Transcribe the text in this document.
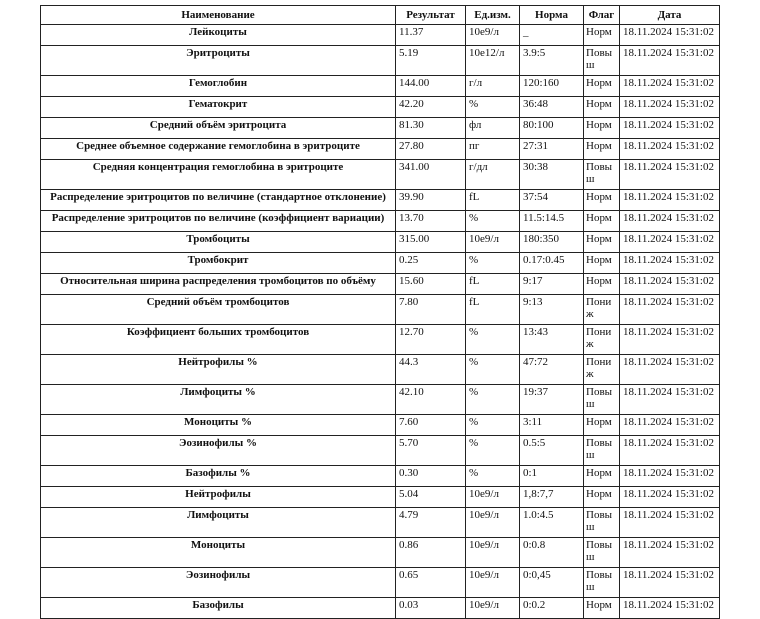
Наименование	Результат	Ед.изм.	Норма	Флаг	Дата
Лейкоциты	11.37	10e9/л	_	Норм	18.11.2024 15:31:02
Эритроциты	5.19	10e12/л	3.9:5	Повыш	18.11.2024 15:31:02
Гемоглобин	144.00	г/л	120:160	Норм	18.11.2024 15:31:02
Гематокрит	42.20	%	36:48	Норм	18.11.2024 15:31:02
Средний объём эритроцита	81.30	фл	80:100	Норм	18.11.2024 15:31:02
Среднее объемное содержание гемоглобина в эритроците	27.80	пг	27:31	Норм	18.11.2024 15:31:02
Средняя концентрация гемоглобина в эритроците	341.00	г/дл	30:38	Повыш	18.11.2024 15:31:02
Распределение эритроцитов по величине (стандартное отклонение)	39.90	fL	37:54	Норм	18.11.2024 15:31:02
Распределение эритроцитов по величине (коэффициент вариации)	13.70	%	11.5:14.5	Норм	18.11.2024 15:31:02
Тромбоциты	315.00	10e9/л	180:350	Норм	18.11.2024 15:31:02
Тромбокрит	0.25	%	0.17:0.45	Норм	18.11.2024 15:31:02
Относительная ширина распределения тромбоцитов по объёму	15.60	fL	9:17	Норм	18.11.2024 15:31:02
Средний объём тромбоцитов	7.80	fL	9:13	Пониж	18.11.2024 15:31:02
Коэффициент больших тромбоцитов	12.70	%	13:43	Пониж	18.11.2024 15:31:02
Нейтрофилы %	44.3	%	47:72	Пониж	18.11.2024 15:31:02
Лимфоциты %	42.10	%	19:37	Повыш	18.11.2024 15:31:02
Моноциты %	7.60	%	3:11	Норм	18.11.2024 15:31:02
Эозинофилы %	5.70	%	0.5:5	Повыш	18.11.2024 15:31:02
Базофилы %	0.30	%	0:1	Норм	18.11.2024 15:31:02
Нейтрофилы	5.04	10e9/л	1,8:7,7	Норм	18.11.2024 15:31:02
Лимфоциты	4.79	10e9/л	1.0:4.5	Повыш	18.11.2024 15:31:02
Моноциты	0.86	10e9/л	0:0.8	Повыш	18.11.2024 15:31:02
Эозинофилы	0.65	10e9/л	0:0,45	Повыш	18.11.2024 15:31:02
Базофилы	0.03	10e9/л	0:0.2	Норм	18.11.2024 15:31:02
